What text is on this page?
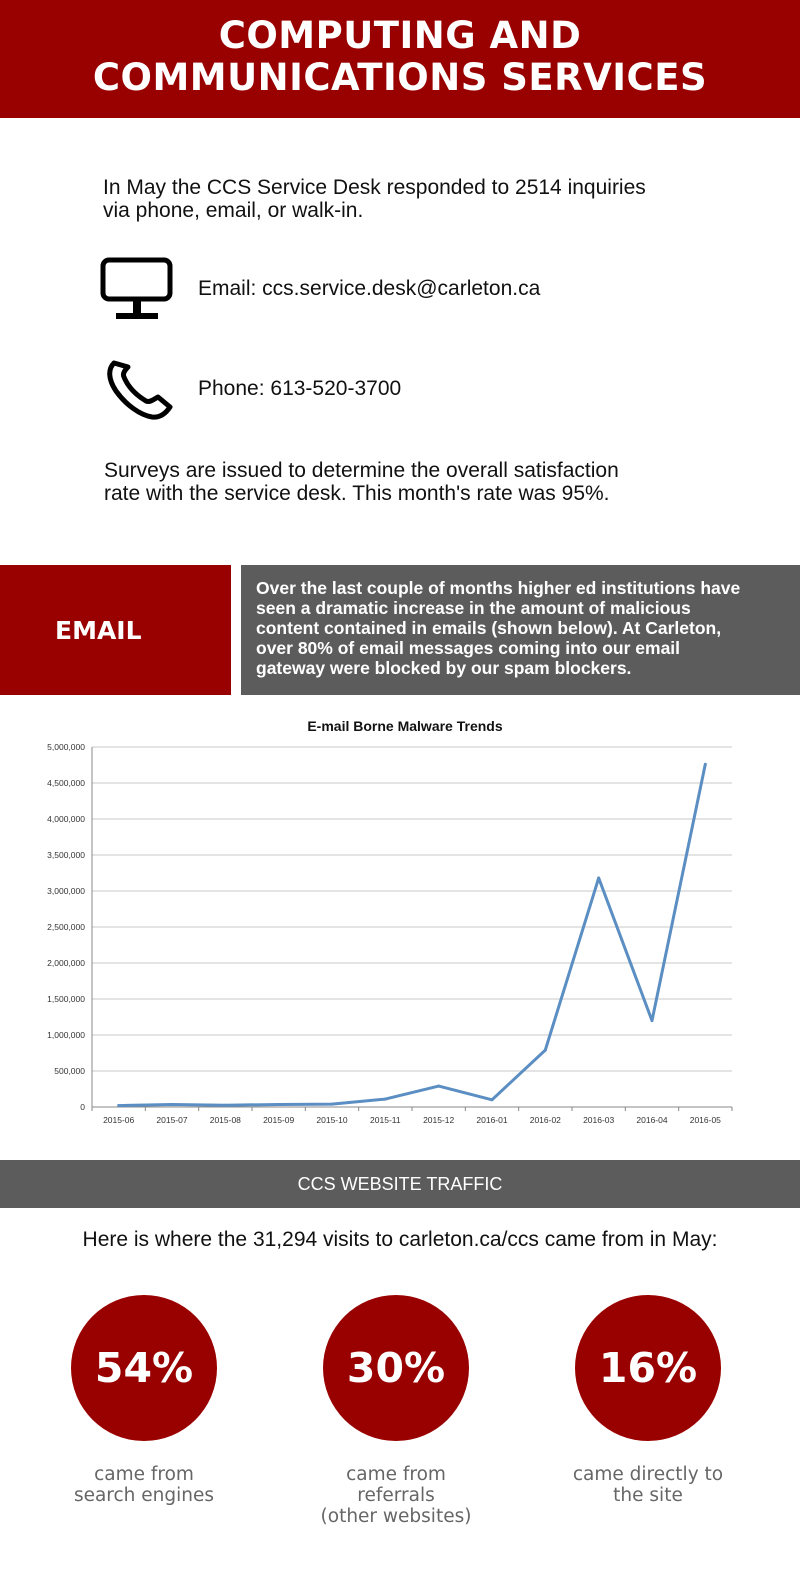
COMPUTING AND
COMMUNICATIONS SERVICES
In May the CCS Service Desk responded to 2514 inquiries
via phone, email, or walk-in.
Email: ccs.service.desk@carleton.ca
Phone: 613-520-3700
Surveys are issued to determine the overall satisfaction
rate with the service desk. This month's rate was 95%.
EMAIL
Over the last couple of months higher ed institutions have
seen a dramatic increase in the amount of malicious
content contained in emails (shown below). At Carleton,
over 80% of email messages coming into our email
gateway were blocked by our spam blockers.
E-mail Borne Malware Trends
0
500,000
1,000,000
1,500,000
2,000,000
2,500,000
3,000,000
3,500,000
4,000,000
4,500,000
5,000,000
2015-06	2015-07	2015-08	2015-09	2015-10	2015-11	2015-12	2016-01	2016-02	2016-03	2016-04	2016-05
CCS WEBSITE TRAFFIC
Here is where the 31,294 visits to carleton.ca/ccs came from in May:
54%
came from
search engines
30%
came from
referrals
(other websites)
16%
came directly to
the site
